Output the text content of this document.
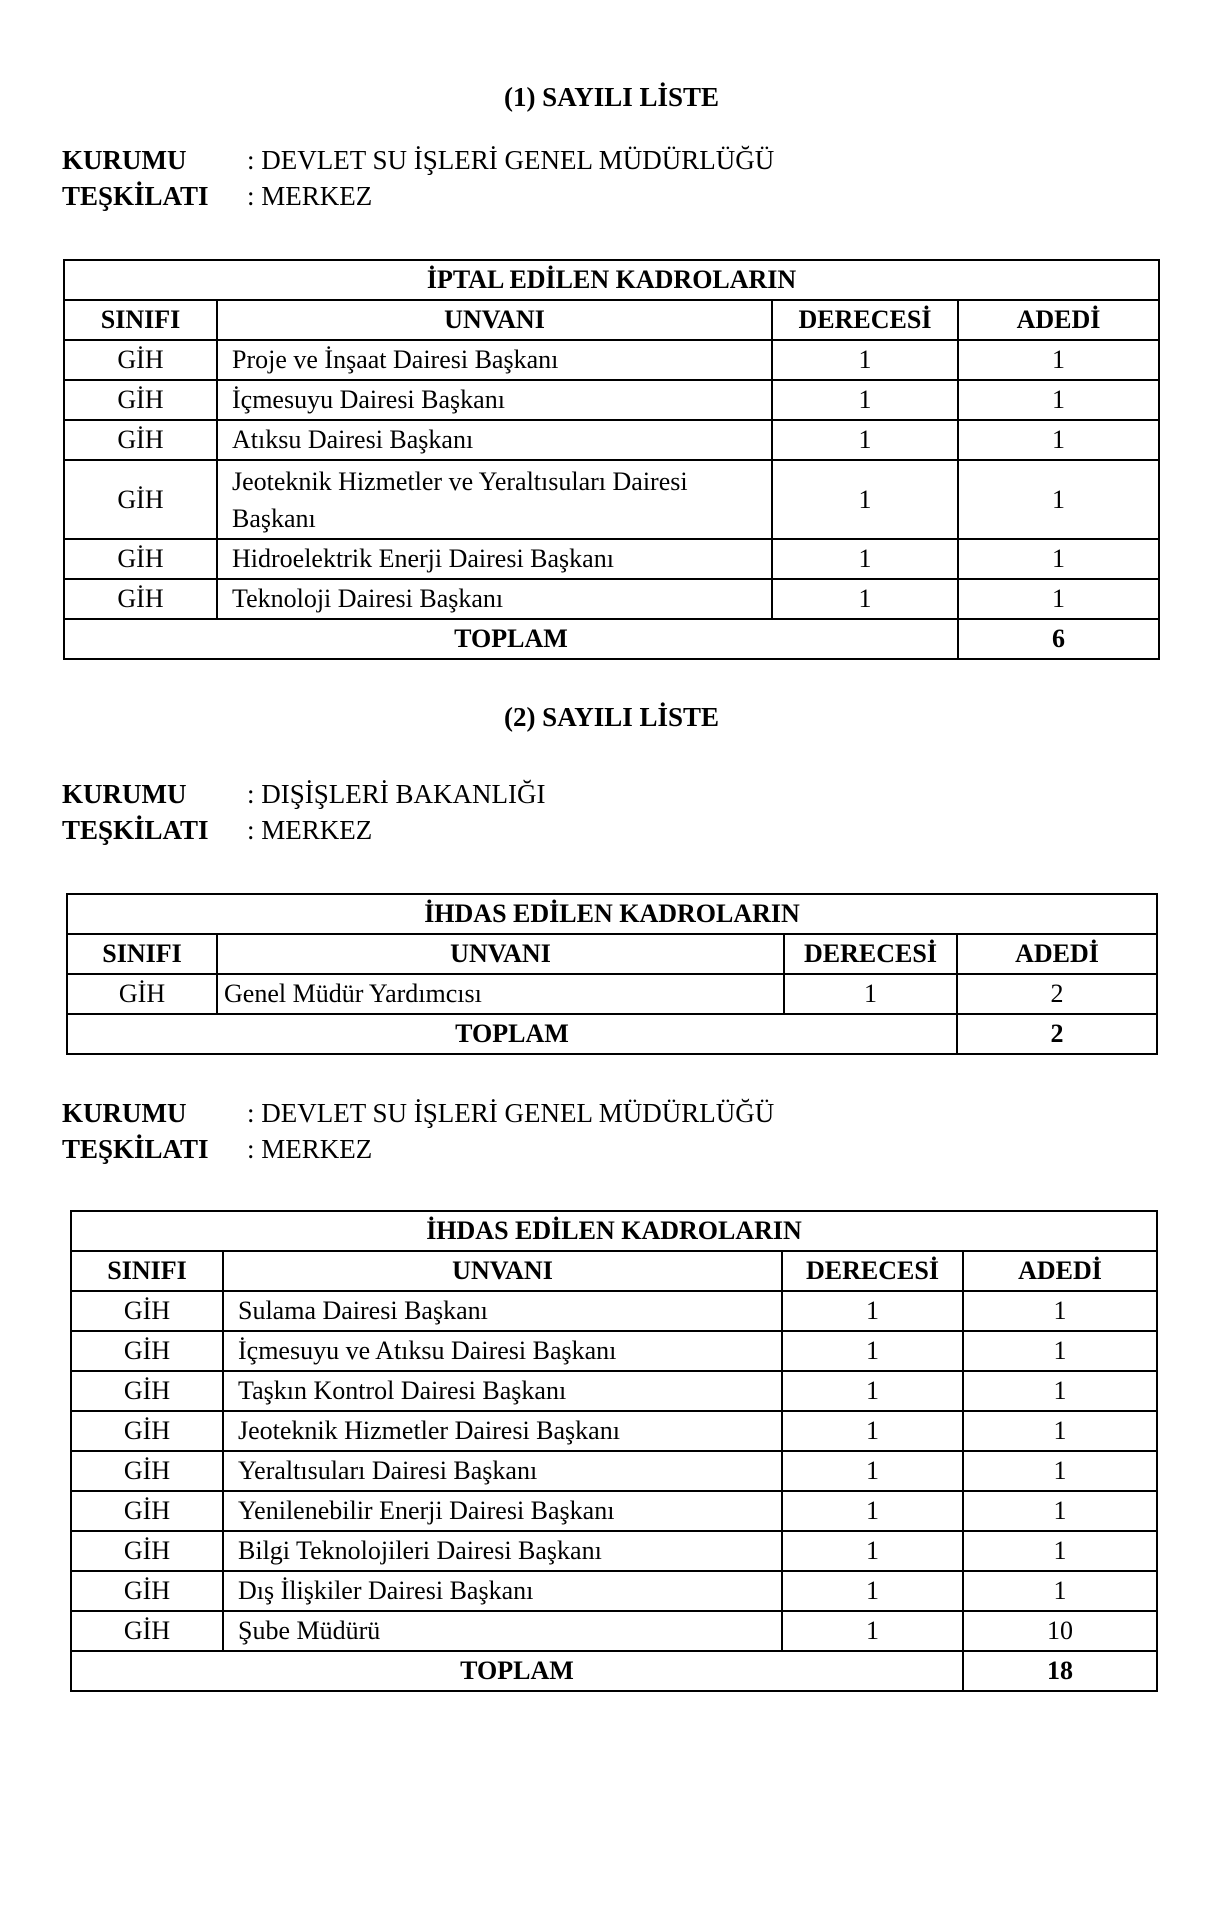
(1) SAYILI LİSTE
KURUMU : DEVLET SU İŞLERİ GENEL MÜDÜRLÜĞÜ
TEŞKİLATI : MERKEZ
İPTAL EDİLEN KADROLARIN			
SINIFI	UNVANI	DERECESİ	ADEDİ
GİH	Proje ve İnşaat Dairesi Başkanı	1	1
GİH	İçmesuyu Dairesi Başkanı	1	1
GİH	Atıksu Dairesi Başkanı	1	1
GİH	Jeoteknik Hizmetler ve Yeraltısuları Dairesi Başkanı	1	1
GİH	Hidroelektrik Enerji Dairesi Başkanı	1	1
GİH	Teknoloji Dairesi Başkanı	1	1
TOPLAM			6
(2) SAYILI LİSTE
KURUMU : DIŞİŞLERİ BAKANLIĞI
TEŞKİLATI : MERKEZ
İHDAS EDİLEN KADROLARIN			
SINIFI	UNVANI	DERECESİ	ADEDİ
GİH	Genel Müdür Yardımcısı	1	2
TOPLAM			2
KURUMU : DEVLET SU İŞLERİ GENEL MÜDÜRLÜĞÜ
TEŞKİLATI : MERKEZ
İHDAS EDİLEN KADROLARIN			
SINIFI	UNVANI	DERECESİ	ADEDİ
GİH	Sulama Dairesi Başkanı	1	1
GİH	İçmesuyu ve Atıksu Dairesi Başkanı	1	1
GİH	Taşkın Kontrol Dairesi Başkanı	1	1
GİH	Jeoteknik Hizmetler Dairesi Başkanı	1	1
GİH	Yeraltısuları Dairesi Başkanı	1	1
GİH	Yenilenebilir Enerji Dairesi Başkanı	1	1
GİH	Bilgi Teknolojileri Dairesi Başkanı	1	1
GİH	Dış İlişkiler Dairesi Başkanı	1	1
GİH	Şube Müdürü	1	10
TOPLAM			18
